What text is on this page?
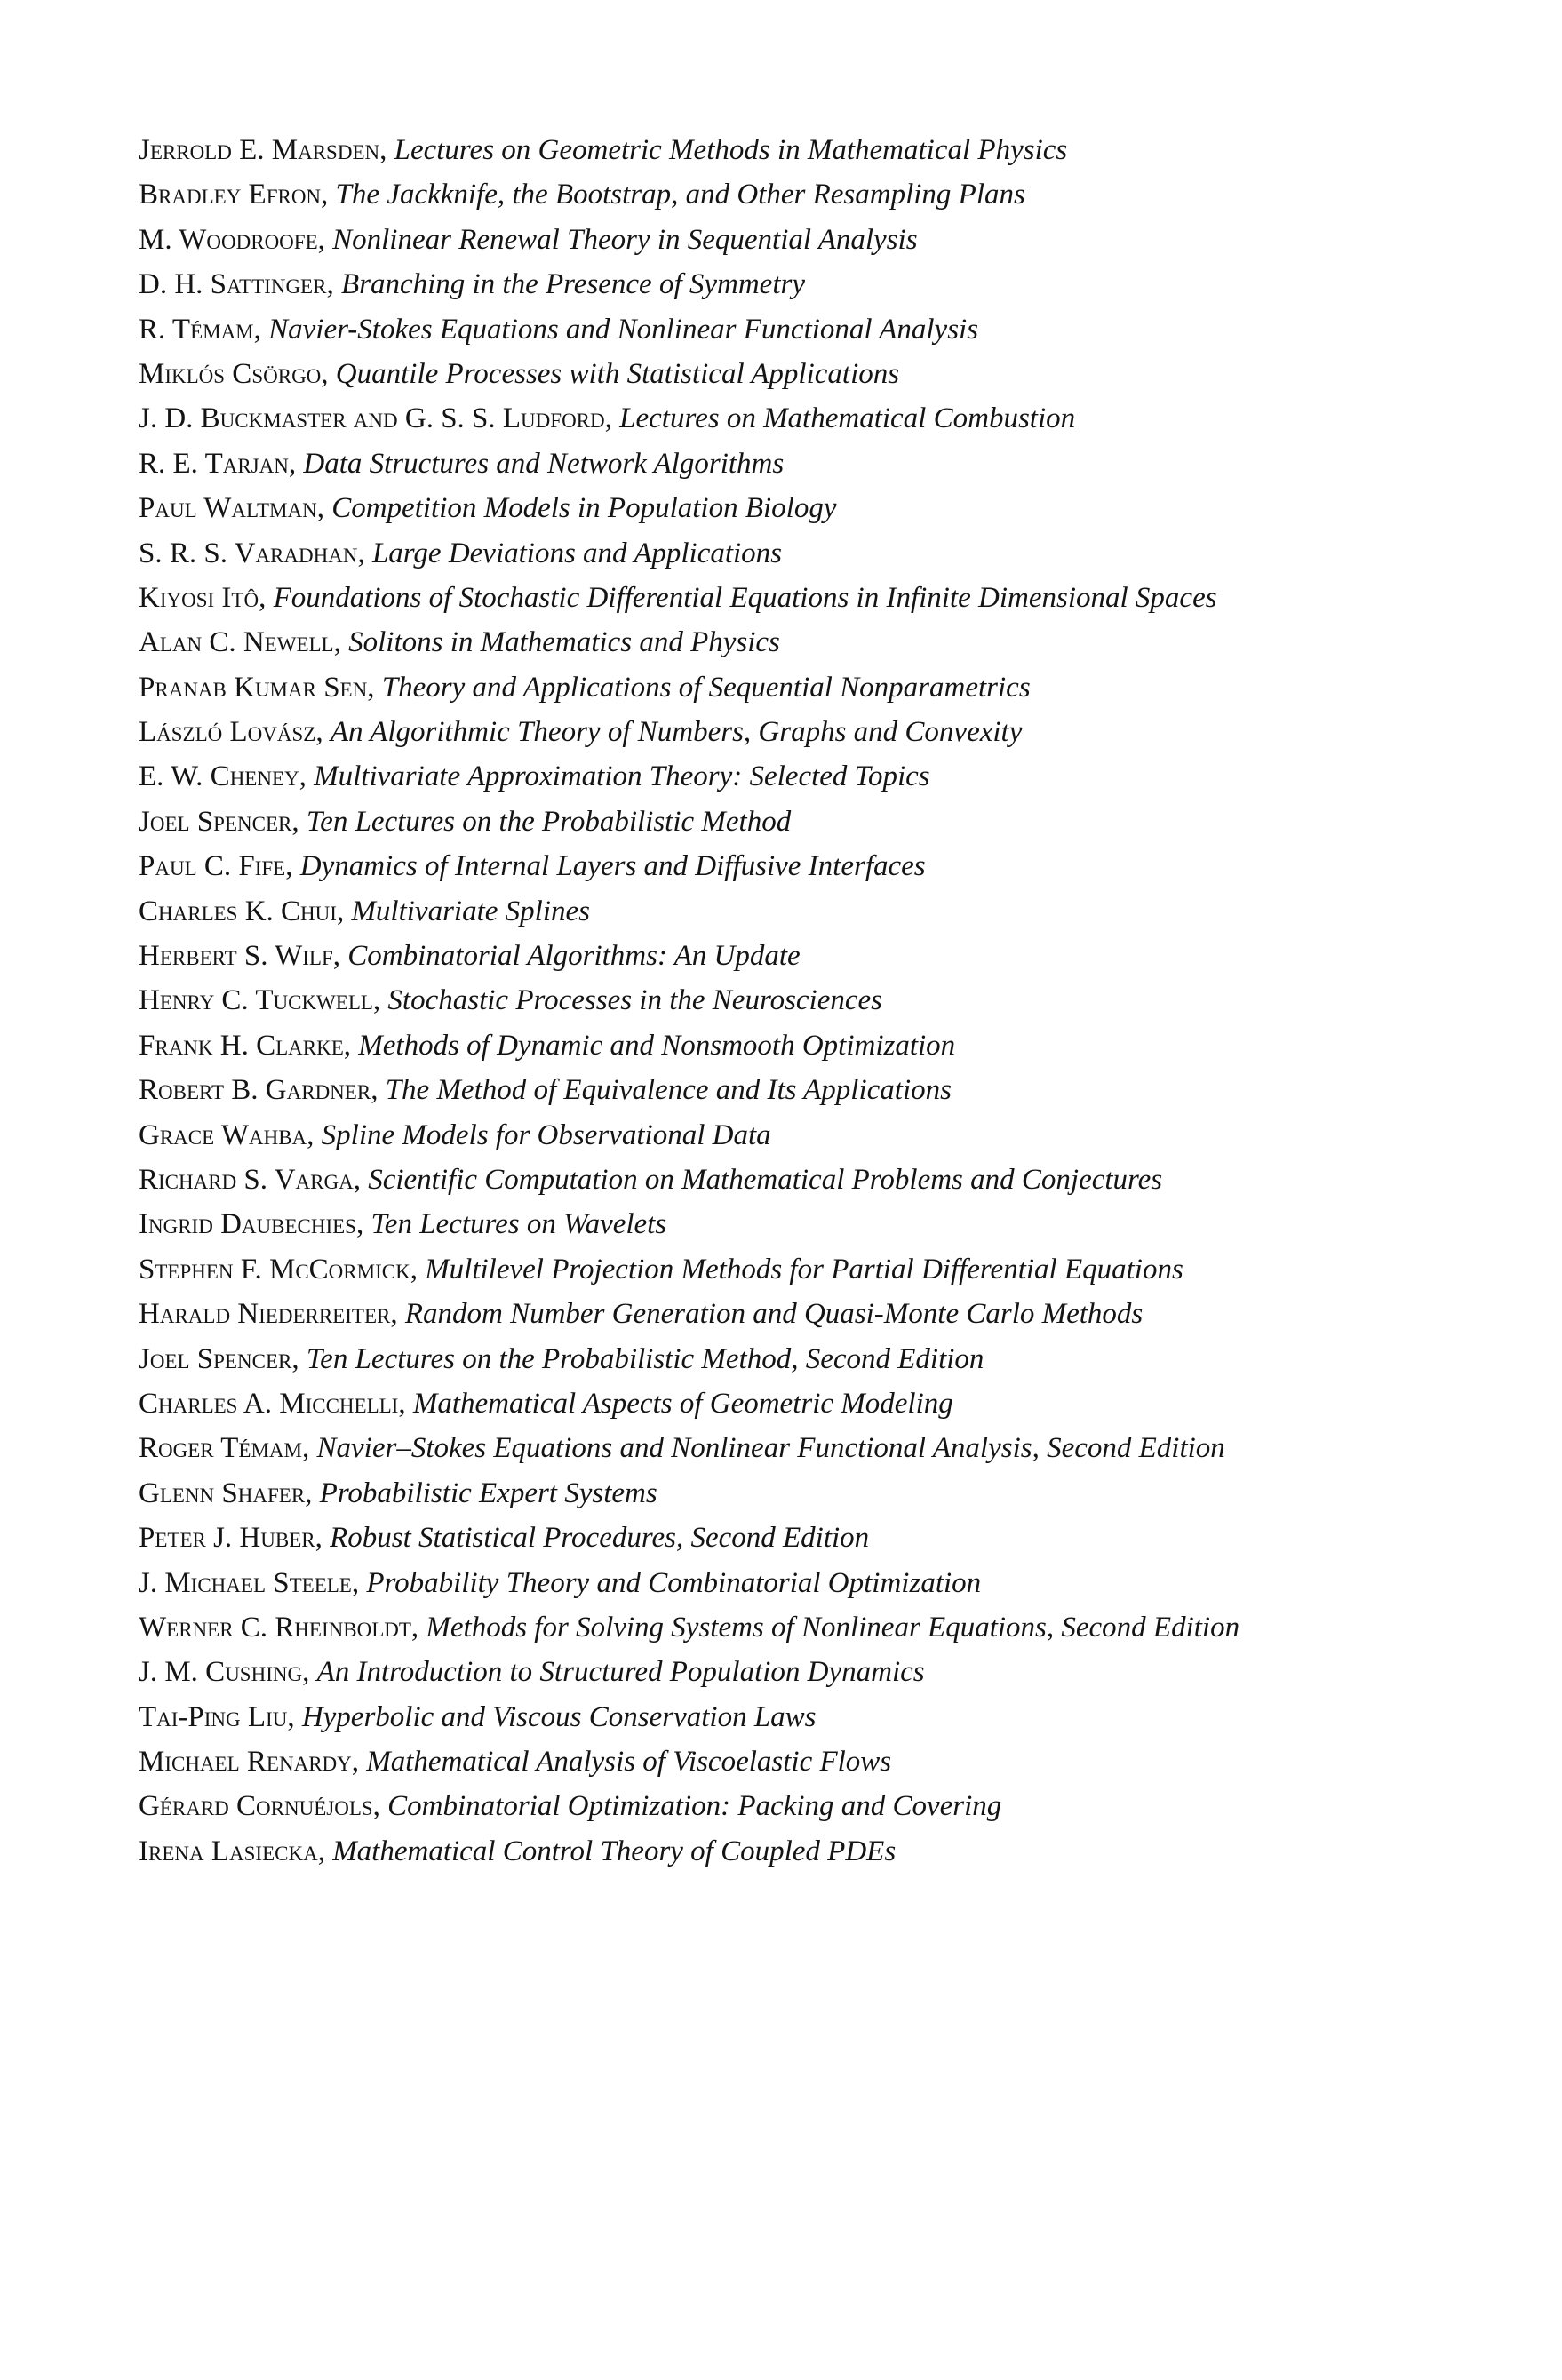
Jerrold E. Marsden, Lectures on Geometric Methods in Mathematical Physics
Bradley Efron, The Jackknife, the Bootstrap, and Other Resampling Plans
M. Woodroofe, Nonlinear Renewal Theory in Sequential Analysis
D. H. Sattinger, Branching in the Presence of Symmetry
R. Témam, Navier-Stokes Equations and Nonlinear Functional Analysis
Miklós Csörgo, Quantile Processes with Statistical Applications
J. D. Buckmaster and G. S. S. Ludford, Lectures on Mathematical Combustion
R. E. Tarjan, Data Structures and Network Algorithms
Paul Waltman, Competition Models in Population Biology
S. R. S. Varadhan, Large Deviations and Applications
Kiyosi Itô, Foundations of Stochastic Differential Equations in Infinite Dimensional Spaces
Alan C. Newell, Solitons in Mathematics and Physics
Pranab Kumar Sen, Theory and Applications of Sequential Nonparametrics
László Lovász, An Algorithmic Theory of Numbers, Graphs and Convexity
E. W. Cheney, Multivariate Approximation Theory: Selected Topics
Joel Spencer, Ten Lectures on the Probabilistic Method
Paul C. Fife, Dynamics of Internal Layers and Diffusive Interfaces
Charles K. Chui, Multivariate Splines
Herbert S. Wilf, Combinatorial Algorithms: An Update
Henry C. Tuckwell, Stochastic Processes in the Neurosciences
Frank H. Clarke, Methods of Dynamic and Nonsmooth Optimization
Robert B. Gardner, The Method of Equivalence and Its Applications
Grace Wahba, Spline Models for Observational Data
Richard S. Varga, Scientific Computation on Mathematical Problems and Conjectures
Ingrid Daubechies, Ten Lectures on Wavelets
Stephen F. McCormick, Multilevel Projection Methods for Partial Differential Equations
Harald Niederreiter, Random Number Generation and Quasi-Monte Carlo Methods
Joel Spencer, Ten Lectures on the Probabilistic Method, Second Edition
Charles A. Micchelli, Mathematical Aspects of Geometric Modeling
Roger Témam, Navier–Stokes Equations and Nonlinear Functional Analysis, Second Edition
Glenn Shafer, Probabilistic Expert Systems
Peter J. Huber, Robust Statistical Procedures, Second Edition
J. Michael Steele, Probability Theory and Combinatorial Optimization
Werner C. Rheinboldt, Methods for Solving Systems of Nonlinear Equations, Second Edition
J. M. Cushing, An Introduction to Structured Population Dynamics
Tai-Ping Liu, Hyperbolic and Viscous Conservation Laws
Michael Renardy, Mathematical Analysis of Viscoelastic Flows
Gérard Cornuéjols, Combinatorial Optimization: Packing and Covering
Irena Lasiecka, Mathematical Control Theory of Coupled PDEs
